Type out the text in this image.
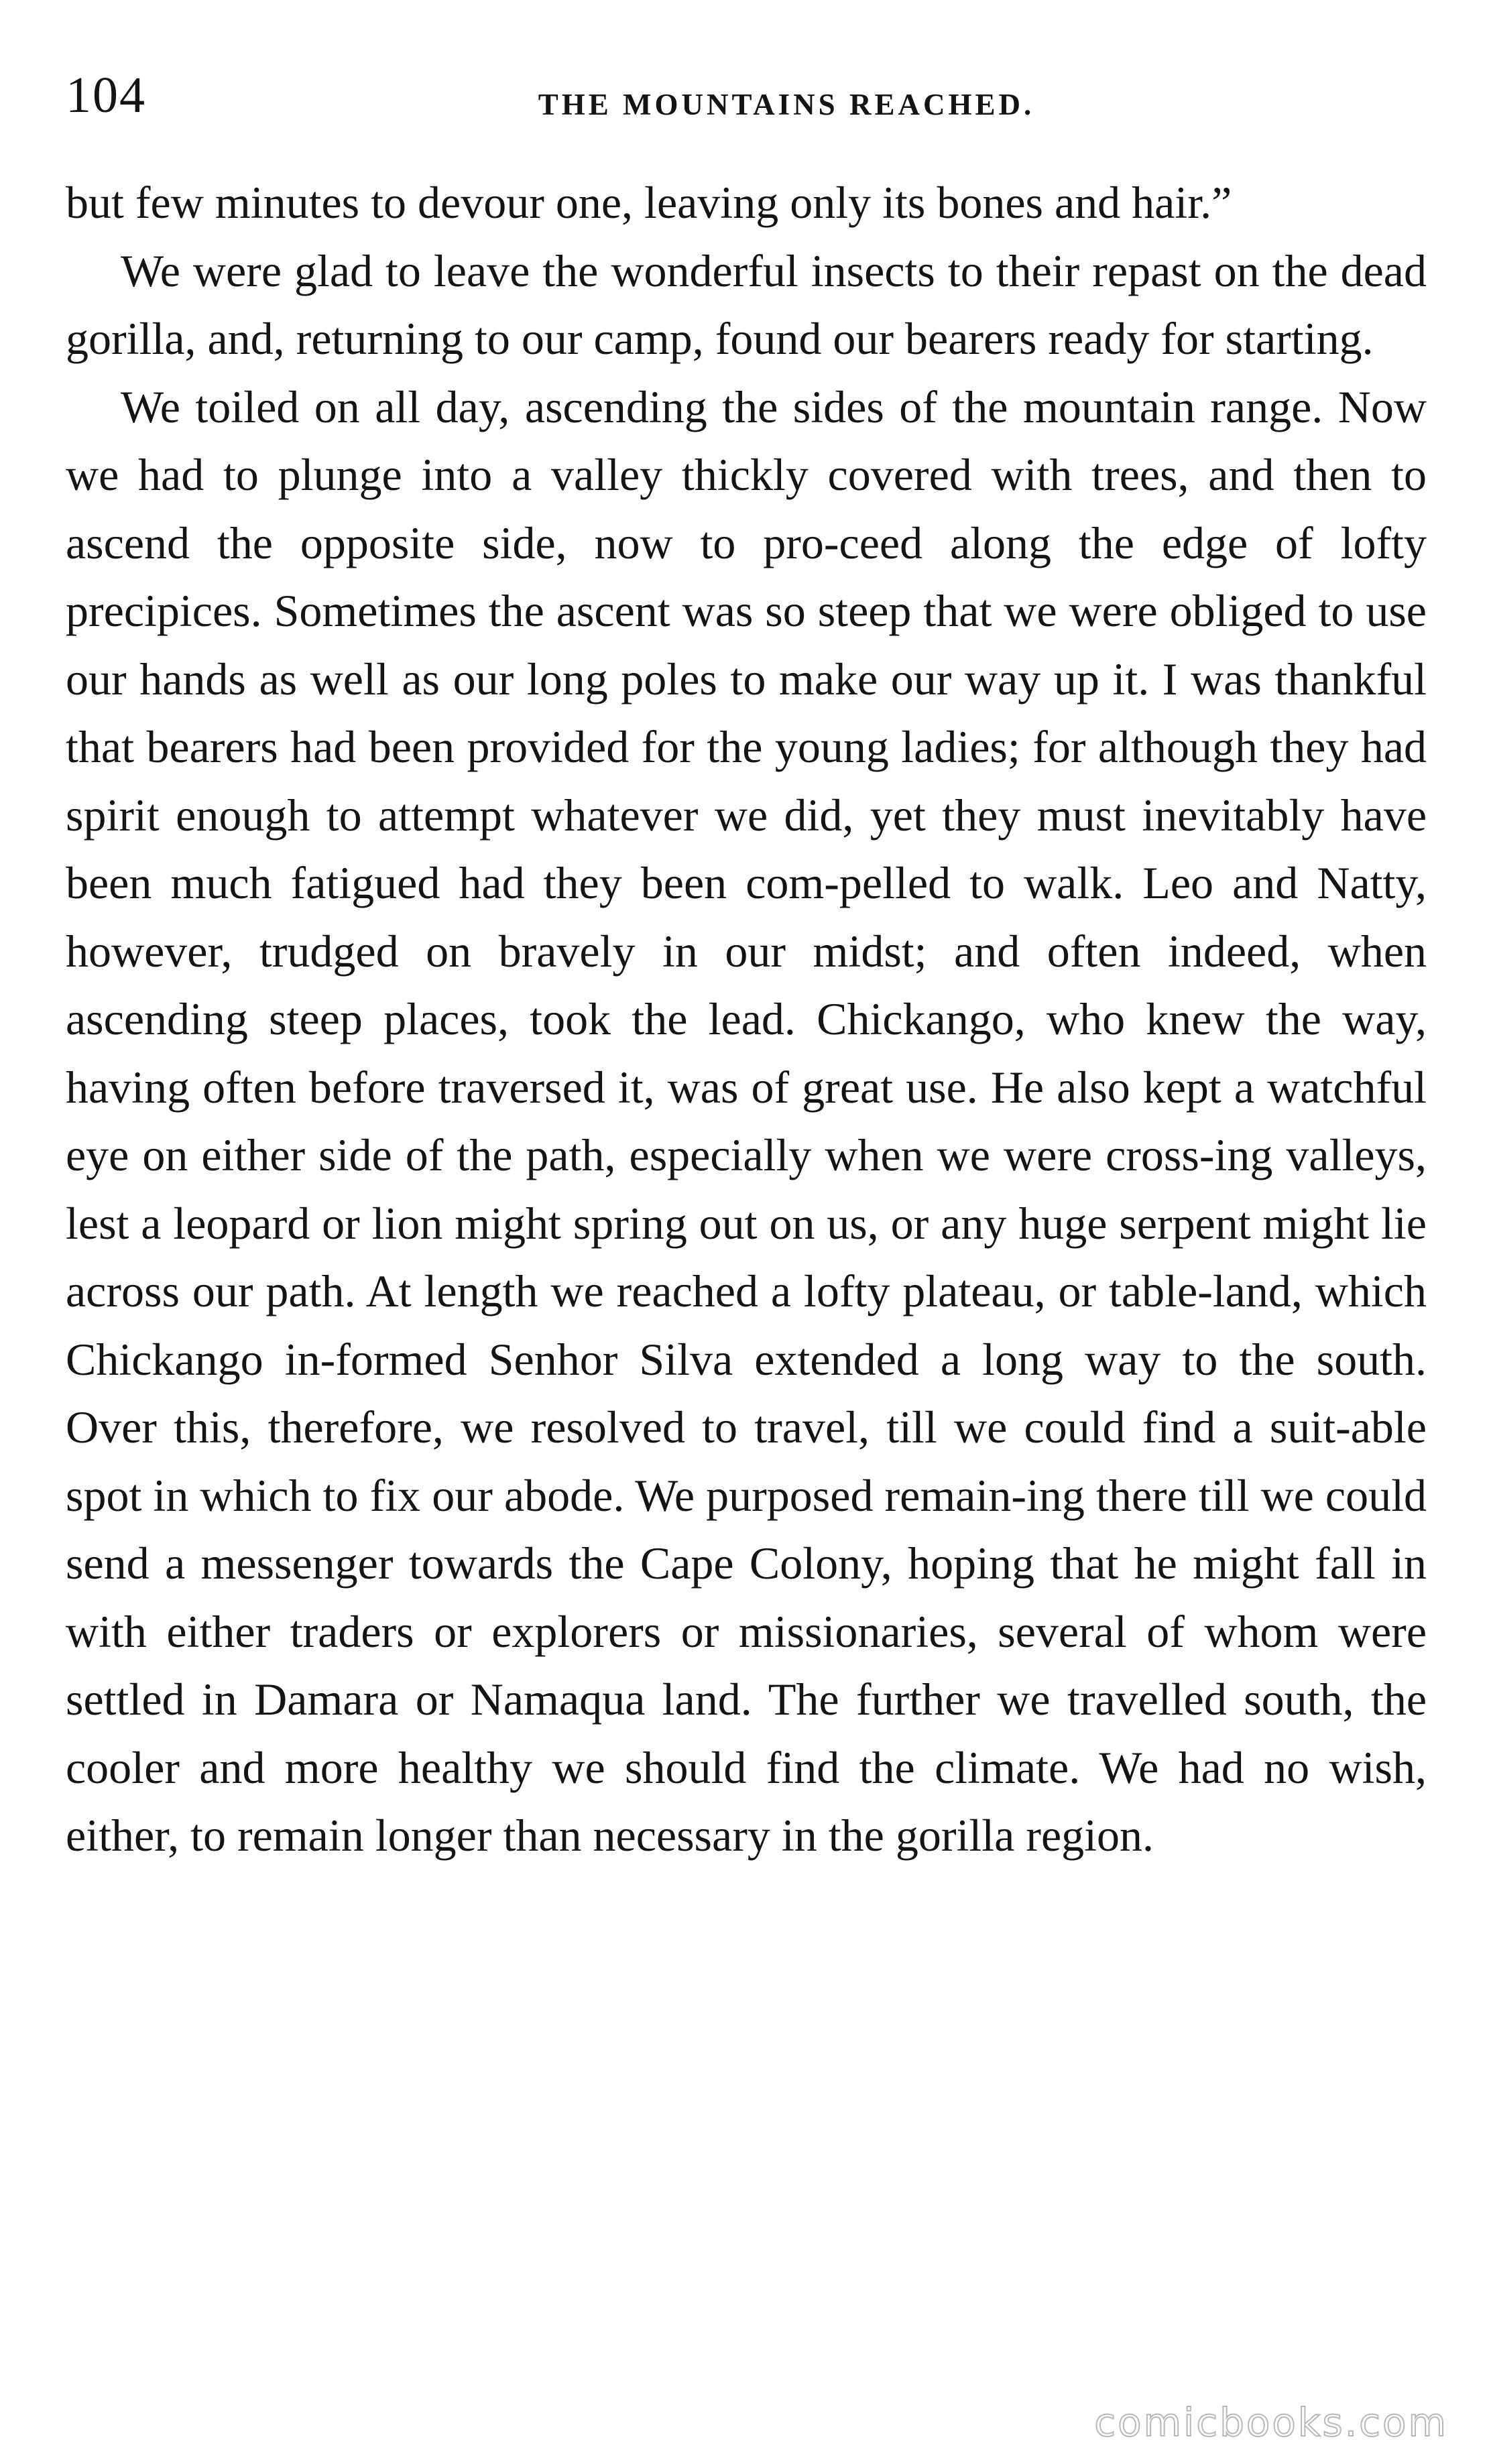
104	THE MOUNTAINS REACHED.

but few minutes to devour one, leaving only its bones and hair.”

We were glad to leave the wonderful insects to their repast on the dead gorilla, and, returning to our camp, found our bearers ready for starting.

We toiled on all day, ascending the sides of the mountain range. Now we had to plunge into a valley thickly covered with trees, and then to ascend the opposite side, now to pro-ceed along the edge of lofty precipices. Sometimes the ascent was so steep that we were obliged to use our hands as well as our long poles to make our way up it. I was thankful that bearers had been provided for the young ladies; for although they had spirit enough to attempt whatever we did, yet they must inevitably have been much fatigued had they been com-pelled to walk. Leo and Natty, however, trudged on bravely in our midst; and often indeed, when ascending steep places, took the lead. Chickango, who knew the way, having often before traversed it, was of great use. He also kept a watchful eye on either side of the path, especially when we were cross-ing valleys, lest a leopard or lion might spring out on us, or any huge serpent might lie across our path. At length we reached a lofty plateau, or table-land, which Chickango in-formed Senhor Silva extended a long way to the south. Over this, therefore, we resolved to travel, till we could find a suit-able spot in which to fix our abode. We purposed remain-ing there till we could send a messenger towards the Cape Colony, hoping that he might fall in with either traders or explorers or missionaries, several of whom were settled in Damara or Namaqua land. The further we travelled south, the cooler and more healthy we should find the climate. We had no wish, either, to remain longer than necessary in the gorilla region.

comicbooks.com
